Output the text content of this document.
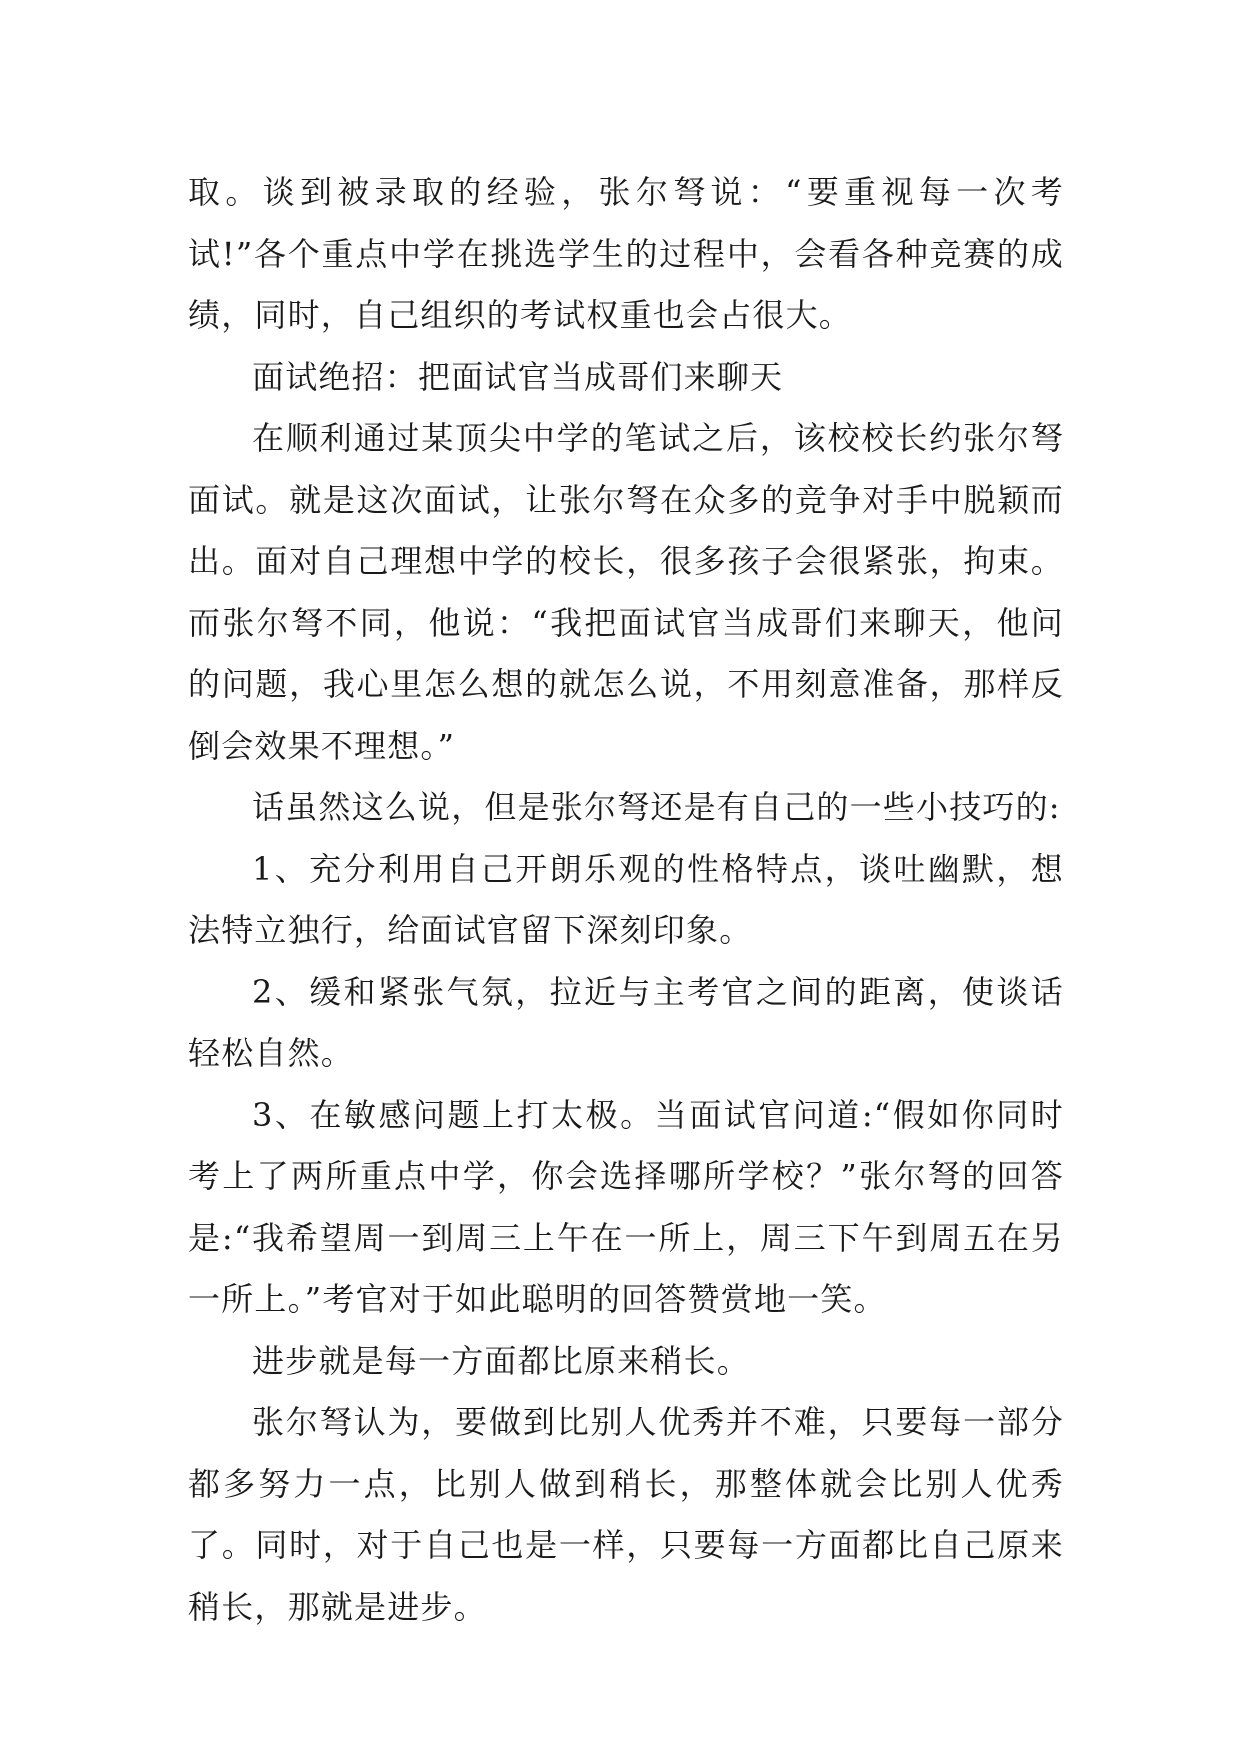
取。谈到被录取的经验，张尔弩说：“要重视每一次考试!”各个重点中学在挑选学生的过程中，会看各种竞赛的成绩，同时，自己组织的考试权重也会占很大。

面试绝招：把面试官当成哥们来聊天

在顺利通过某顶尖中学的笔试之后，该校校长约张尔弩面试。就是这次面试，让张尔弩在众多的竞争对手中脱颖而出。面对自己理想中学的校长，很多孩子会很紧张，拘束。而张尔弩不同，他说：“我把面试官当成哥们来聊天，他问的问题，我心里怎么想的就怎么说，不用刻意准备，那样反倒会效果不理想。”

话虽然这么说，但是张尔弩还是有自己的一些小技巧的:

1、充分利用自己开朗乐观的性格特点，谈吐幽默，想法特立独行，给面试官留下深刻印象。

2、缓和紧张气氛，拉近与主考官之间的距离，使谈话轻松自然。

3、在敏感问题上打太极。当面试官问道:“假如你同时考上了两所重点中学，你会选择哪所学校？”张尔弩的回答是:“我希望周一到周三上午在一所上，周三下午到周五在另一所上。”考官对于如此聪明的回答赞赏地一笑。

进步就是每一方面都比原来稍长。

张尔弩认为，要做到比别人优秀并不难，只要每一部分都多努力一点，比别人做到稍长，那整体就会比别人优秀了。同时，对于自己也是一样，只要每一方面都比自己原来稍长，那就是进步。
